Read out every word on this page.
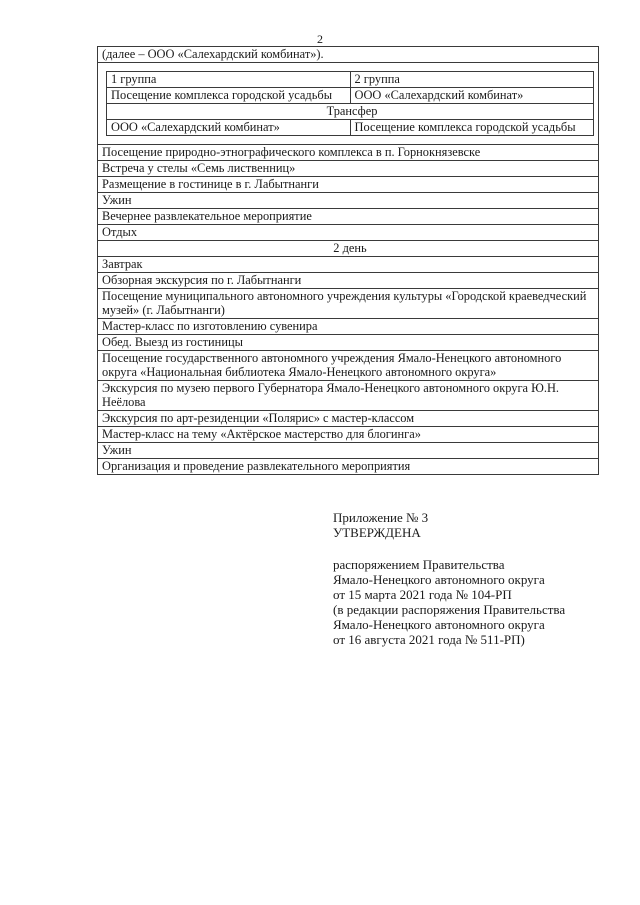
2
(далее – ООО «Салехардский комбинат»).

1 группа	2 группа
Посещение комплекса городской усадьбы	ООО «Салехардский комбинат»
Трансфер
ООО «Салехардский комбинат»	Посещение комплекса городской усадьбы

Посещение природно-этнографического комплекса в п. Горнокнязевске
Встреча у стелы «Семь лиственниц»
Размещение в гостинице в г. Лабытнанги
Ужин
Вечернее развлекательное мероприятие
Отдых
2 день
Завтрак
Обзорная экскурсия по г. Лабытнанги
Посещение муниципального автономного учреждения культуры «Городской краеведческий музей» (г. Лабытнанги)
Мастер-класс по изготовлению сувенира
Обед. Выезд из гостиницы
Посещение государственного автономного учреждения Ямало-Ненецкого автономного округа «Национальная библиотека Ямало-Ненецкого автономного округа»
Экскурсия по музею первого Губернатора Ямало-Ненецкого автономного округа Ю.Н. Неёлова
Экскурсия по арт-резиденции «Полярис» с мастер-классом
Мастер-класс на тему «Актёрское мастерство для блогинга»
Ужин
Организация и проведение развлекательного мероприятия
Приложение № 3
УТВЕРЖДЕНА
распоряжением Правительства
Ямало-Ненецкого автономного округа
от 15 марта 2021 года № 104-РП
(в редакции распоряжения Правительства
Ямало-Ненецкого автономного округа
от 16 августа 2021 года № 511-РП)
